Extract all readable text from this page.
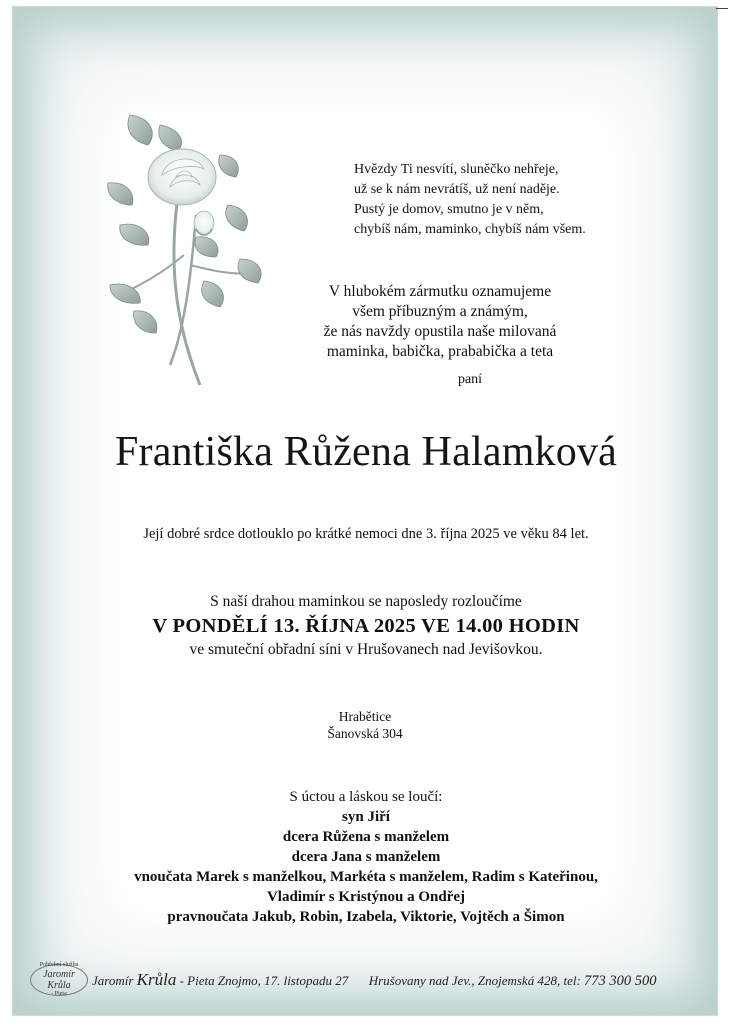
Hvězdy Ti nesvítí, sluněčko nehřeje,
už se k nám nevrátíš, už není naděje.
Pustý je domov, smutno je v něm,
chybíš nám, maminko, chybíš nám všem.
V hlubokém zármutku oznamujeme
všem příbuzným a známým,
že nás navždy opustila naše milovaná
maminka, babička, prababička a teta
paní
Františka Růžena Halamková
Její dobré srdce dotlouklo po krátké nemoci dne 3. října 2025 ve věku 84 let.
S naší drahou maminkou se naposledy rozloučíme
V PONDĚLÍ 13. ŘÍJNA 2025 VE 14.00 HODIN
ve smuteční obřadní síni v Hrušovanech nad Jevišovkou.
Hrabětice
Šanovská 304
S úctou a láskou se loučí:
syn Jiří
dcera Růžena s manželem
dcera Jana s manželem
vnoučata Marek s manželkou, Markéta s manželem, Radim s Kateřinou,
Vladimír s Kristýnou a Ondřej
pravnoučata Jakub, Robin, Izabela, Viktorie, Vojtěch a Šimon
Pohřební služba
Jaromír Krůla
- Pieta
Jaromír Krůla - Pieta Znojmo, 17. listopadu 27 Hrušovany nad Jev., Znojemská 428, tel: 773 300 500
